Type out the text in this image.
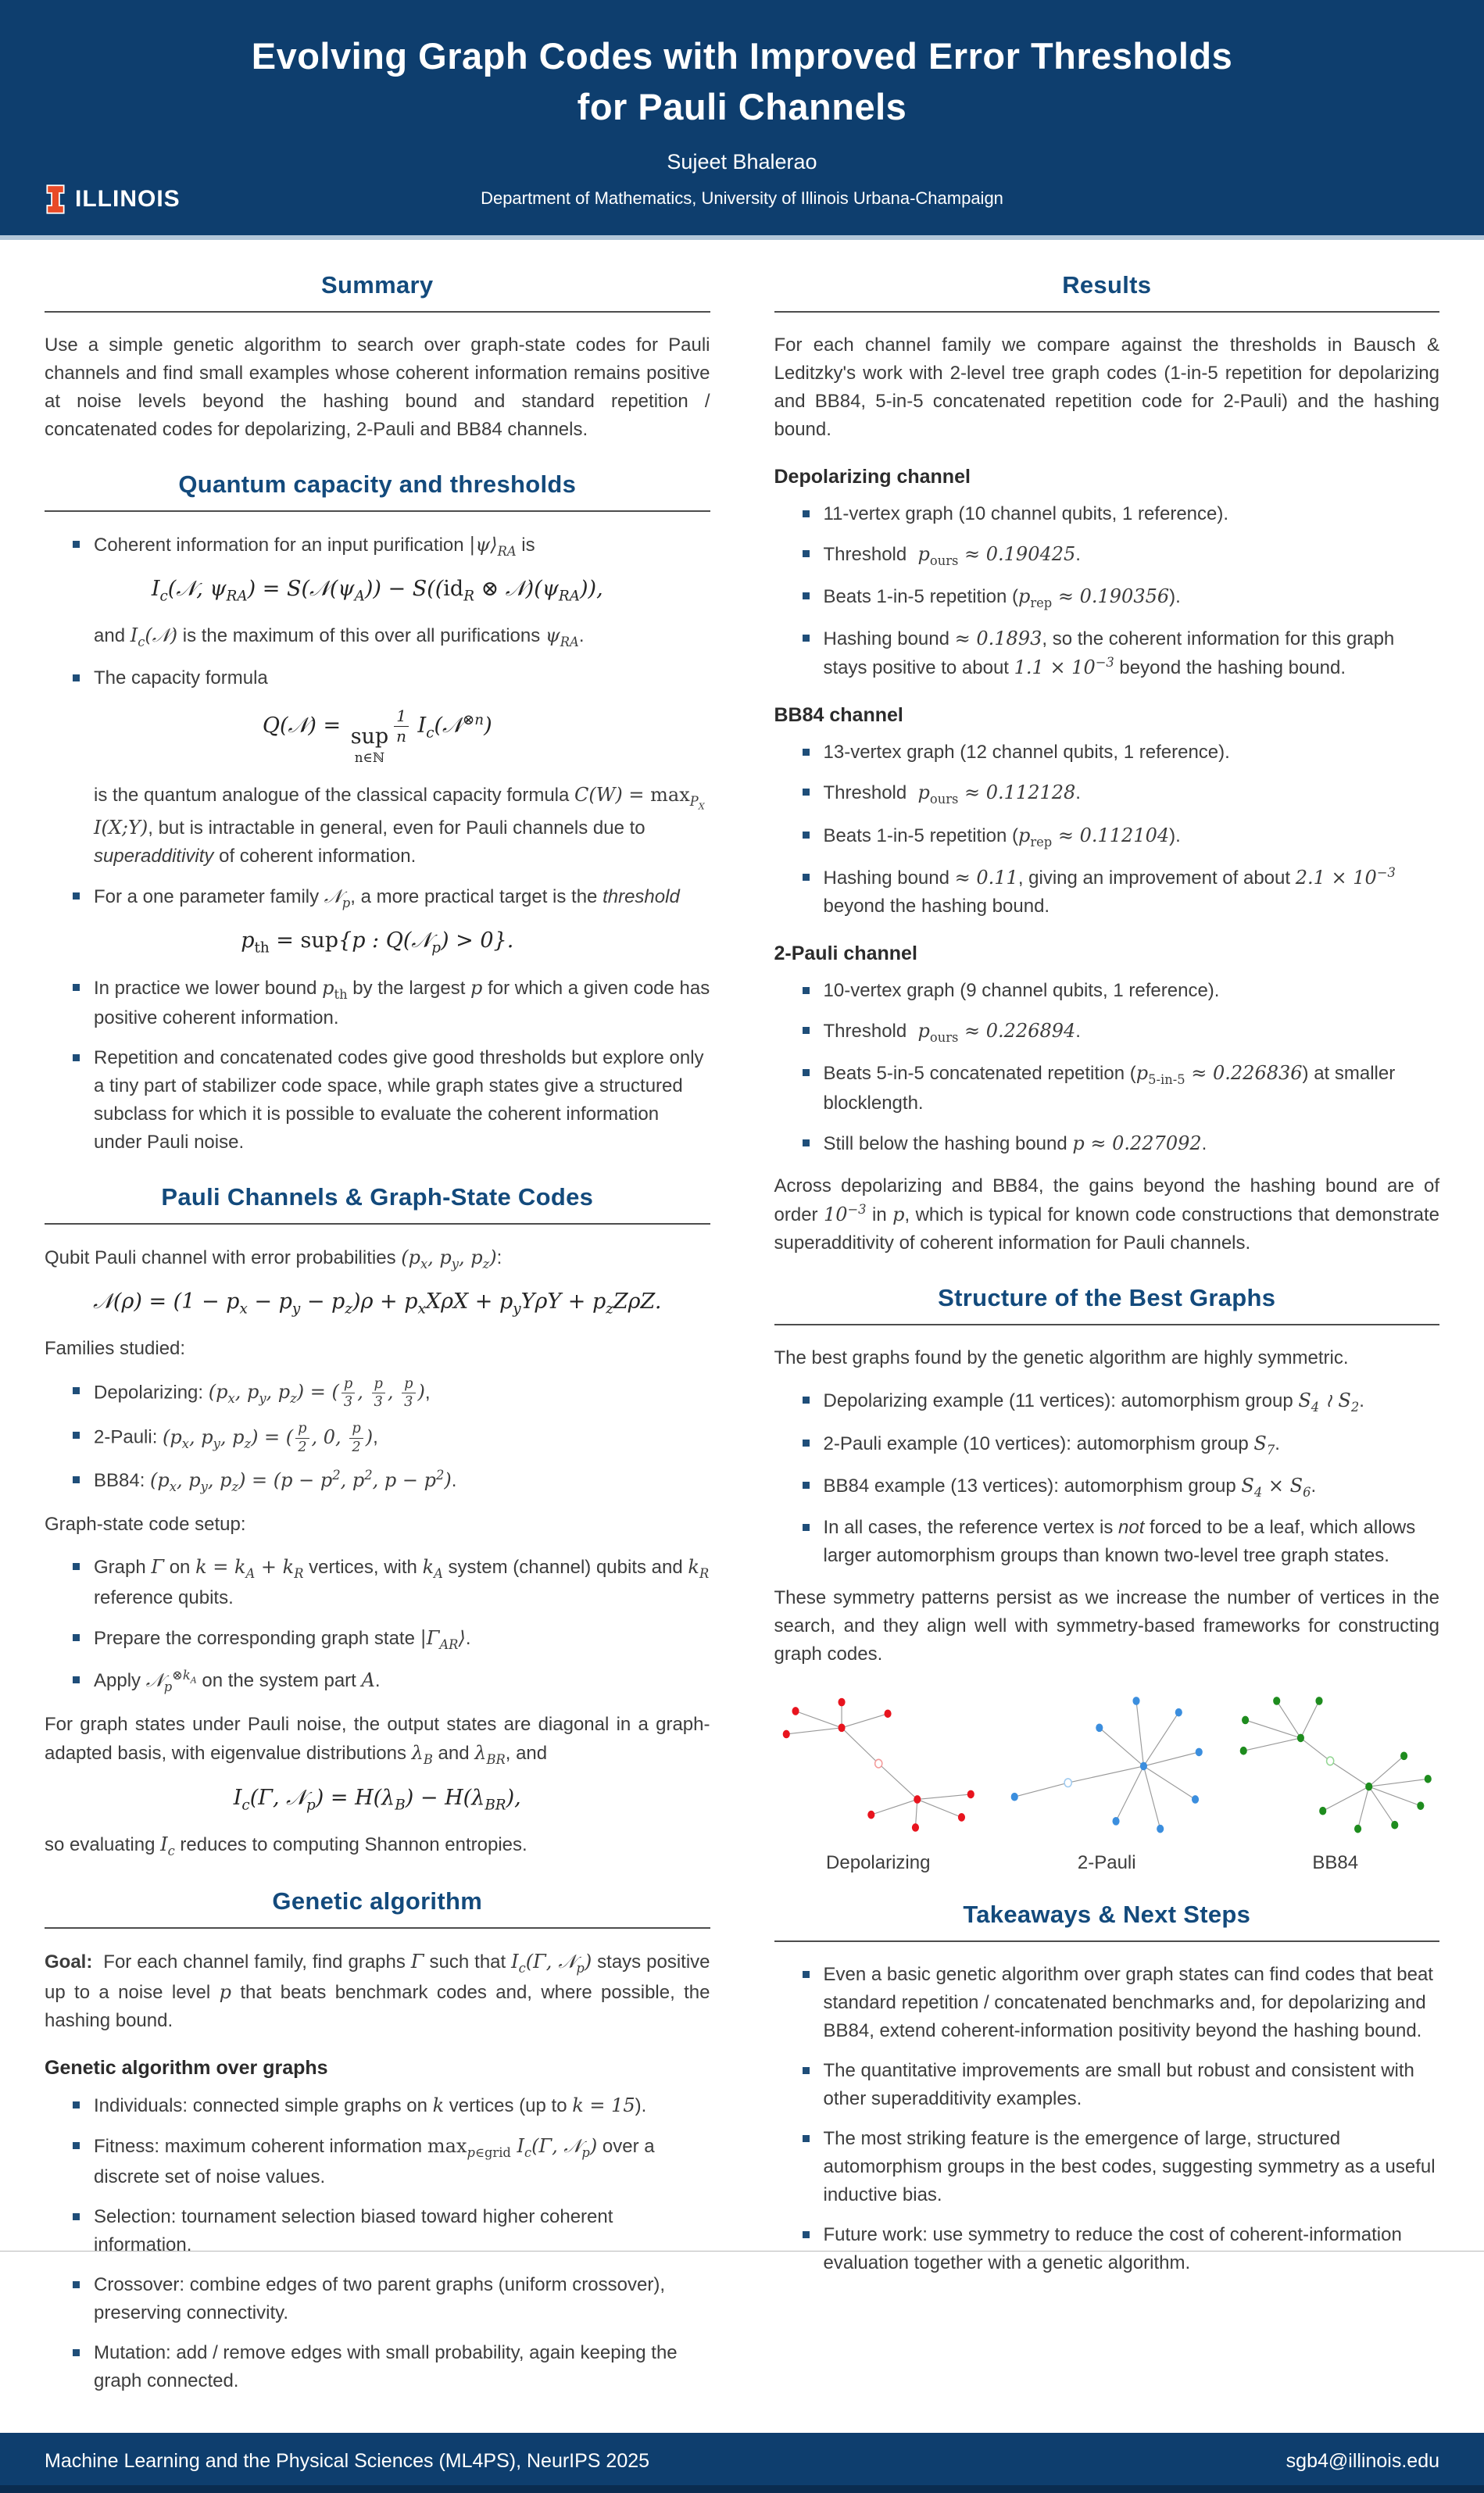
Evolving Graph Codes with Improved Error Thresholds
for Pauli Channels
Sujeet Bhalerao
Department of Mathematics, University of Illinois Urbana-Champaign
ILLINOIS
Summary

Use a simple genetic algorithm to search over graph-state codes for Pauli channels and find small examples whose coherent information remains positive at noise levels beyond the hashing bound and standard repetition / concatenated codes for depolarizing, 2-Pauli and BB84 channels.

Quantum capacity and thresholds
Coherent information for an input purification $|\psi⟩_{RA}$ is
$I_c(𝒩$, $\psi_{RA}$) = $S(𝒩(\psi_A)) - S((id_R$ ⊗ $𝒩)(\psi_{RA})$),
and $I_c(𝒩)$ is the maximum of this over all purifications $\psi_{RA}$.
The capacity formula
Q(𝒩) = sup
n∈ℕ
$\frac{1}{n}$ $I_c(𝒩^{\otimes n})$
is the quantum analogue of the classical capacity formula $C(W) = \max_{P_X}$ I(X;Y), but is intractable in general, even for Pauli channels due to superadditivity of coherent information.
For a one parameter family 𝒩$_p$, a more practical target is the threshold
$p_{th} = sup\{p$ : Q(𝒩$_p$) > 0}.
In practice we lower bound $p_{th}$ by the largest p for which a given code has positive coherent information.
Repetition and concatenated codes give good thresholds but explore only a tiny part of stabilizer code space, while graph states give a structured subclass for which it is possible to evaluate the coherent information under Pauli noise.
Pauli Channels & Graph-State Codes

Qubit Pauli channel with error probabilities ($p_x$, $p_y$, $p_z$):

𝒩(ρ) = $(1 - p_x - p_y - p_z)\rho + p_xX\rho X + p_yY\rho Y + p_zZ\rho Z$.

Families studied:

Depolarizing: ($p_x$, $p_y$, $p_z$) = ( $\frac{p}{3}$ , $\frac{p}{3}$ , $\frac{p}{3}$ ),
2-Pauli: ($p_x$, $p_y$, $p_z$) = ( $\frac{p}{2}$ , 0, $\frac{p}{2}$ ),
BB84: ($p_x$, $p_y$, $p_z) = (p - p^2$, $p^2$, $p - p^2$).

Graph-state code setup:

Graph Γ on $k = k_A + k_R$ vertices, with $k_A$ system (channel) qubits and $k_R$ reference qubits.
Prepare the corresponding graph state $|\Gamma_{AR}⟩$.
Apply 𝒩$_p^{\otimes k_A}$ on the system part A.

For graph states under Pauli noise, the output states are diagonal in a graph-adapted basis, with eigenvalue distributions $\lambda_B$ and $\lambda_{BR}$, and

$I_c(\Gamma$, 𝒩$_p$) = $H(\lambda_B) - H(\lambda_{BR})$,

so evaluating $I_c$ reduces to computing Shannon entropies.

Genetic algorithm

Goal:  For each channel family, find graphs Γ such that $I_c(\Gamma$, 𝒩$_p$) stays positive up to a noise level p that beats benchmark codes and, where possible, the hashing bound.

Genetic algorithm over graphs
Individuals: connected simple graphs on k vertices (up to k = 15).
Fitness: maximum coherent information $\max_{p\in grid} I_c(\Gamma$, 𝒩$_p$) over a discrete set of noise values.
Selection: tournament selection biased toward higher coherent information.
Crossover: combine edges of two parent graphs (uniform crossover), preserving connectivity.
Mutation: add / remove edges with small probability, again keeping the graph connected.
Results

For each channel family we compare against the thresholds in Bausch & Leditzky's work with 2-level tree graph codes (1-in-5 repetition for depolarizing and BB84, 5-in-5 concatenated repetition code for 2-Pauli) and the hashing bound.

Depolarizing channel
11-vertex graph (10 channel qubits, 1 reference).
Threshold  $p_{ours} \approx 0.190425$.
Beats 1-in-5 repetition $(p_{rep} \approx 0.190356)$.
Hashing bound ≈ 0.1893, so the coherent information for this graph stays positive to about $1.1 \times 10^{-3}$ beyond the hashing bound.
BB84 channel
13-vertex graph (12 channel qubits, 1 reference).
Threshold  $p_{ours} \approx 0.112128$.
Beats 1-in-5 repetition $(p_{rep} \approx 0.112104)$.
Hashing bound ≈ 0.11, giving an improvement of about $2.1 \times 10^{-3}$ beyond the hashing bound.
2-Pauli channel
10-vertex graph (9 channel qubits, 1 reference).
Threshold  $p_{ours} \approx 0.226894$.
Beats 5-in-5 concatenated repetition $(p_{5-in-5} \approx 0.226836)$ at smaller blocklength.
Still below the hashing bound p ≈ 0.227092.

Across depolarizing and BB84, the gains beyond the hashing bound are of order $10^{-3}$ in p, which is typical for known code constructions that demonstrate superadditivity of coherent information for Pauli channels.

Structure of the Best Graphs

The best graphs found by the genetic algorithm are highly symmetric.

Depolarizing example (11 vertices): automorphism group $S_4$ ≀ $S_2$.
2-Pauli example (10 vertices): automorphism group $S_7$.
BB84 example (13 vertices): automorphism group $S_4 \times S_6$.
In all cases, the reference vertex is not forced to be a leaf, which allows larger automorphism groups than known two-level tree graph states.

These symmetry patterns persist as we increase the number of vertices in the search, and they align well with symmetry-based frameworks for constructing graph codes.

Depolarizing	2-Pauli	BB84
Takeaways & Next Steps
Even a basic genetic algorithm over graph states can find codes that beat standard repetition / concatenated benchmarks and, for depolarizing and BB84, extend coherent-information positivity beyond the hashing bound.
The quantitative improvements are small but robust and consistent with other superadditivity examples.
The most striking feature is the emergence of large, structured automorphism groups in the best codes, suggesting symmetry as a useful inductive bias.
Future work: use symmetry to reduce the cost of coherent-information evaluation together with a genetic algorithm.
Machine Learning and the Physical Sciences (ML4PS), NeurIPS 2025	sgb4@illinois.edu
